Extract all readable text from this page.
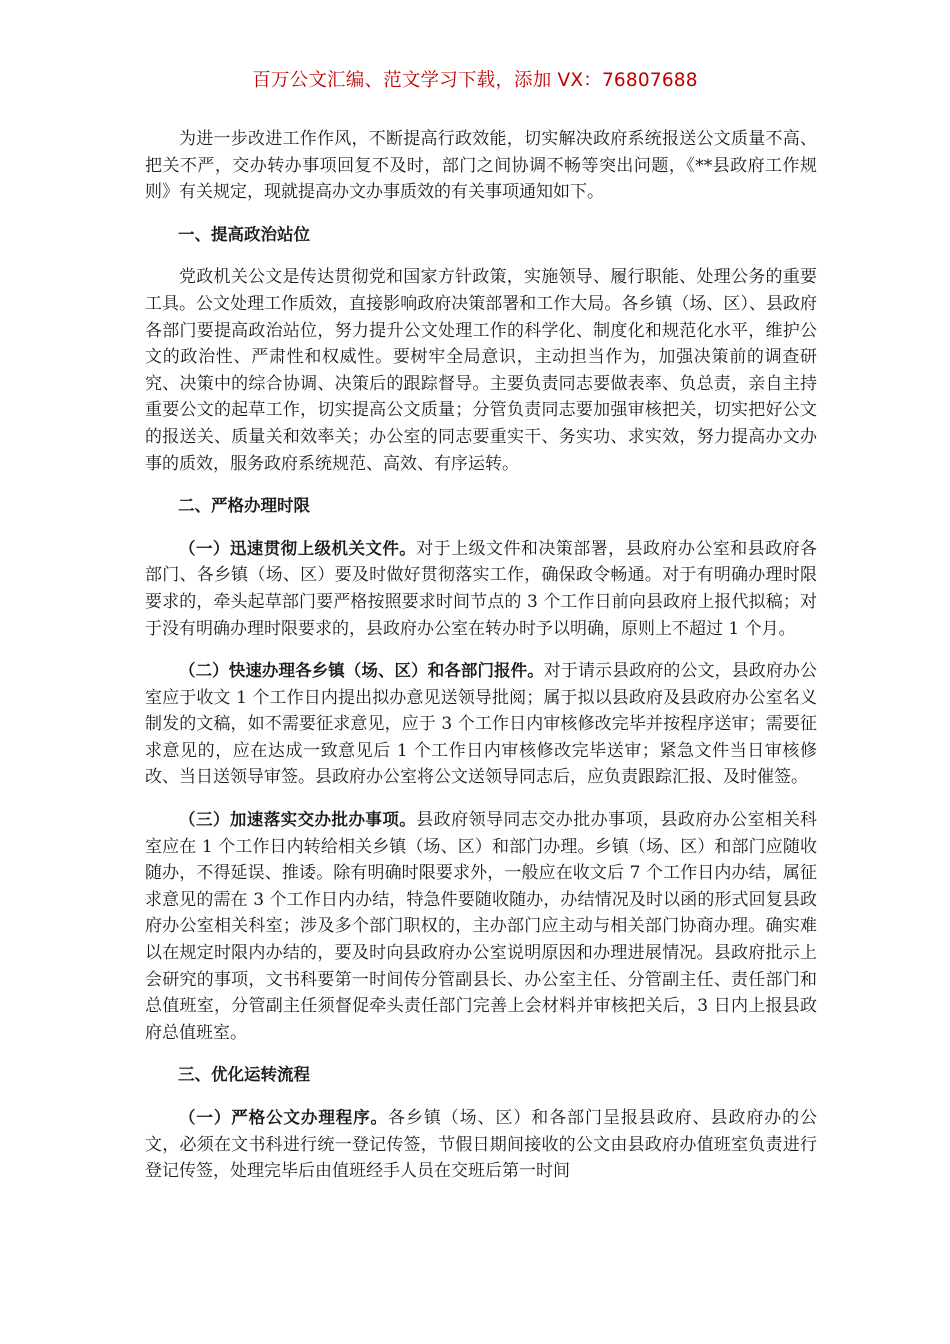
百万公文汇编、范文学习下载，添加 VX：76807688

为进一步改进工作作风，不断提高行政效能，切实解决政府系统报送公文质量不高、把关不严，交办转办事项回复不及时，部门之间协调不畅等突出问题，《**县政府工作规则》有关规定，现就提高办文办事质效的有关事项通知如下。

一、提高政治站位

党政机关公文是传达贯彻党和国家方针政策，实施领导、履行职能、处理公务的重要工具。公文处理工作质效，直接影响政府决策部署和工作大局。各乡镇（场、区）、县政府各部门要提高政治站位，努力提升公文处理工作的科学化、制度化和规范化水平，维护公文的政治性、严肃性和权威性。要树牢全局意识，主动担当作为，加强决策前的调查研究、决策中的综合协调、决策后的跟踪督导。主要负责同志要做表率、负总责，亲自主持重要公文的起草工作，切实提高公文质量；分管负责同志要加强审核把关，切实把好公文的报送关、质量关和效率关；办公室的同志要重实干、务实功、求实效，努力提高办文办事的质效，服务政府系统规范、高效、有序运转。

二、严格办理时限

（一）迅速贯彻上级机关文件。对于上级文件和决策部署，县政府办公室和县政府各部门、各乡镇（场、区）要及时做好贯彻落实工作，确保政令畅通。对于有明确办理时限要求的，牵头起草部门要严格按照要求时间节点的 3 个工作日前向县政府上报代拟稿；对于没有明确办理时限要求的，县政府办公室在转办时予以明确，原则上不超过 1 个月。

（二）快速办理各乡镇（场、区）和各部门报件。对于请示县政府的公文，县政府办公室应于收文 1 个工作日内提出拟办意见送领导批阅；属于拟以县政府及县政府办公室名义制发的文稿，如不需要征求意见，应于 3 个工作日内审核修改完毕并按程序送审；需要征求意见的，应在达成一致意见后 1 个工作日内审核修改完毕送审；紧急文件当日审核修改、当日送领导审签。县政府办公室将公文送领导同志后，应负责跟踪汇报、及时催签。

（三）加速落实交办批办事项。县政府领导同志交办批办事项，县政府办公室相关科室应在 1 个工作日内转给相关乡镇（场、区）和部门办理。乡镇（场、区）和部门应随收随办，不得延误、推诿。除有明确时限要求外，一般应在收文后 7 个工作日内办结，属征求意见的需在 3 个工作日内办结，特急件要随收随办，办结情况及时以函的形式回复县政府办公室相关科室；涉及多个部门职权的，主办部门应主动与相关部门协商办理。确实难以在规定时限内办结的，要及时向县政府办公室说明原因和办理进展情况。县政府批示上会研究的事项，文书科要第一时间传分管副县长、办公室主任、分管副主任、责任部门和总值班室，分管副主任须督促牵头责任部门完善上会材料并审核把关后，3 日内上报县政府总值班室。

三、优化运转流程

（一）严格公文办理程序。各乡镇（场、区）和各部门呈报县政府、县政府办的公文，必须在文书科进行统一登记传签，节假日期间接收的公文由县政府办值班室负责进行登记传签，处理完毕后由值班经手人员在交班后第一时间
